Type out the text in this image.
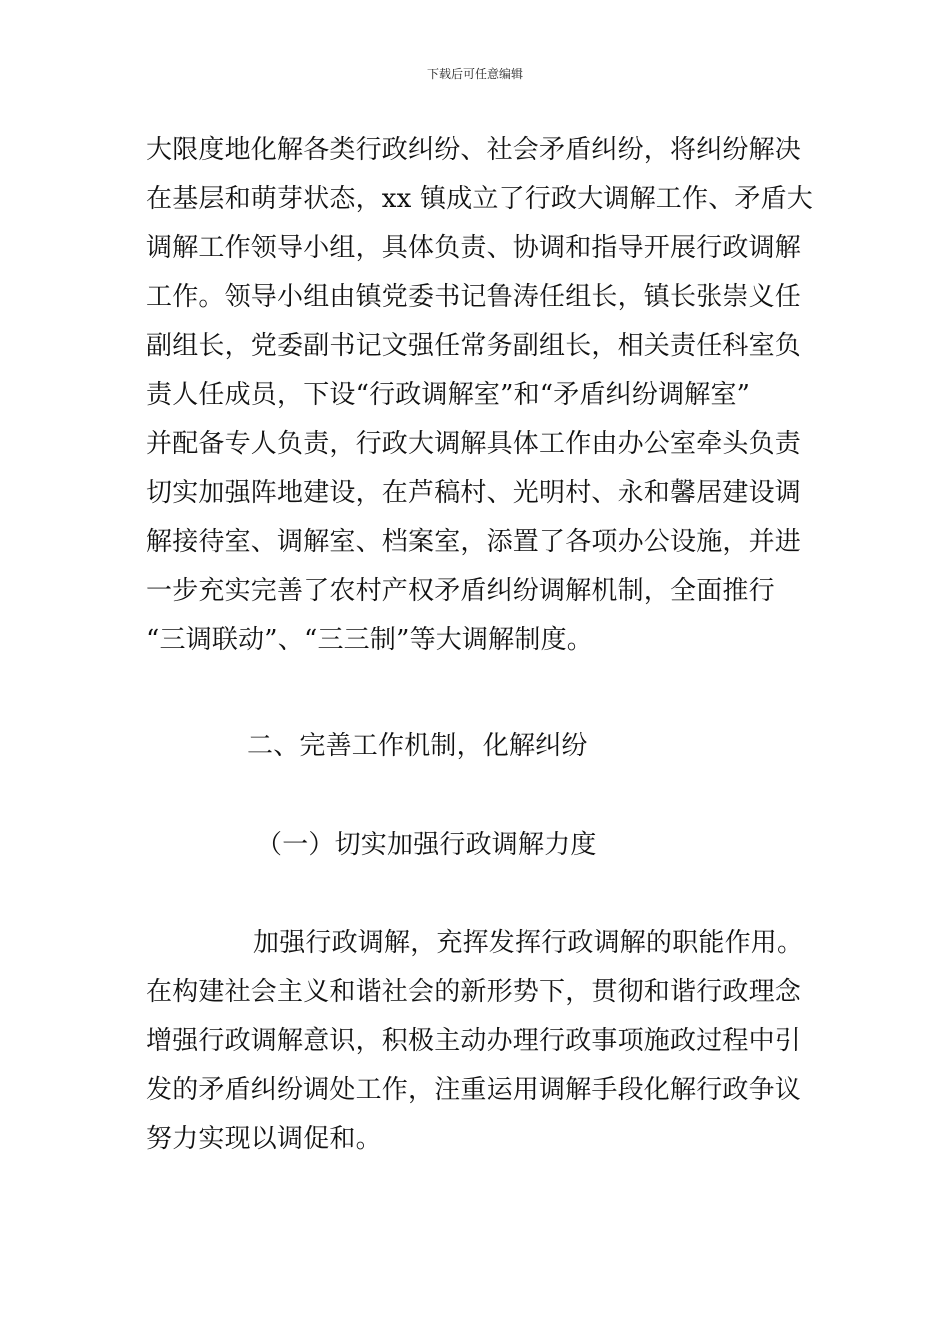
下载后可任意编辑
大限度地化解各类行政纠纷、社会矛盾纠纷，将纠纷解决
在基层和萌芽状态，xx 镇成立了行政大调解工作、矛盾大
调解工作领导小组，具体负责、协调和指导开展行政调解
工作。领导小组由镇党委书记鲁涛任组长，镇长张崇义任
副组长，党委副书记文强任常务副组长，相关责任科室负
责人任成员，下设“行政调解室”和“矛盾纠纷调解室”
并配备专人负责，行政大调解具体工作由办公室牵头负责
切实加强阵地建设，在芦稿村、光明村、永和馨居建设调
解接待室、调解室、档案室，添置了各项办公设施，并进
一步充实完善了农村产权矛盾纠纷调解机制，全面推行
“三调联动”、“三三制”等大调解制度。
二、完善工作机制，化解纠纷
（一）切实加强行政调解力度
加强行政调解，充挥发挥行政调解的职能作用。
在构建社会主义和谐社会的新形势下，贯彻和谐行政理念
增强行政调解意识，积极主动办理行政事项施政过程中引
发的矛盾纠纷调处工作，注重运用调解手段化解行政争议
努力实现以调促和。
